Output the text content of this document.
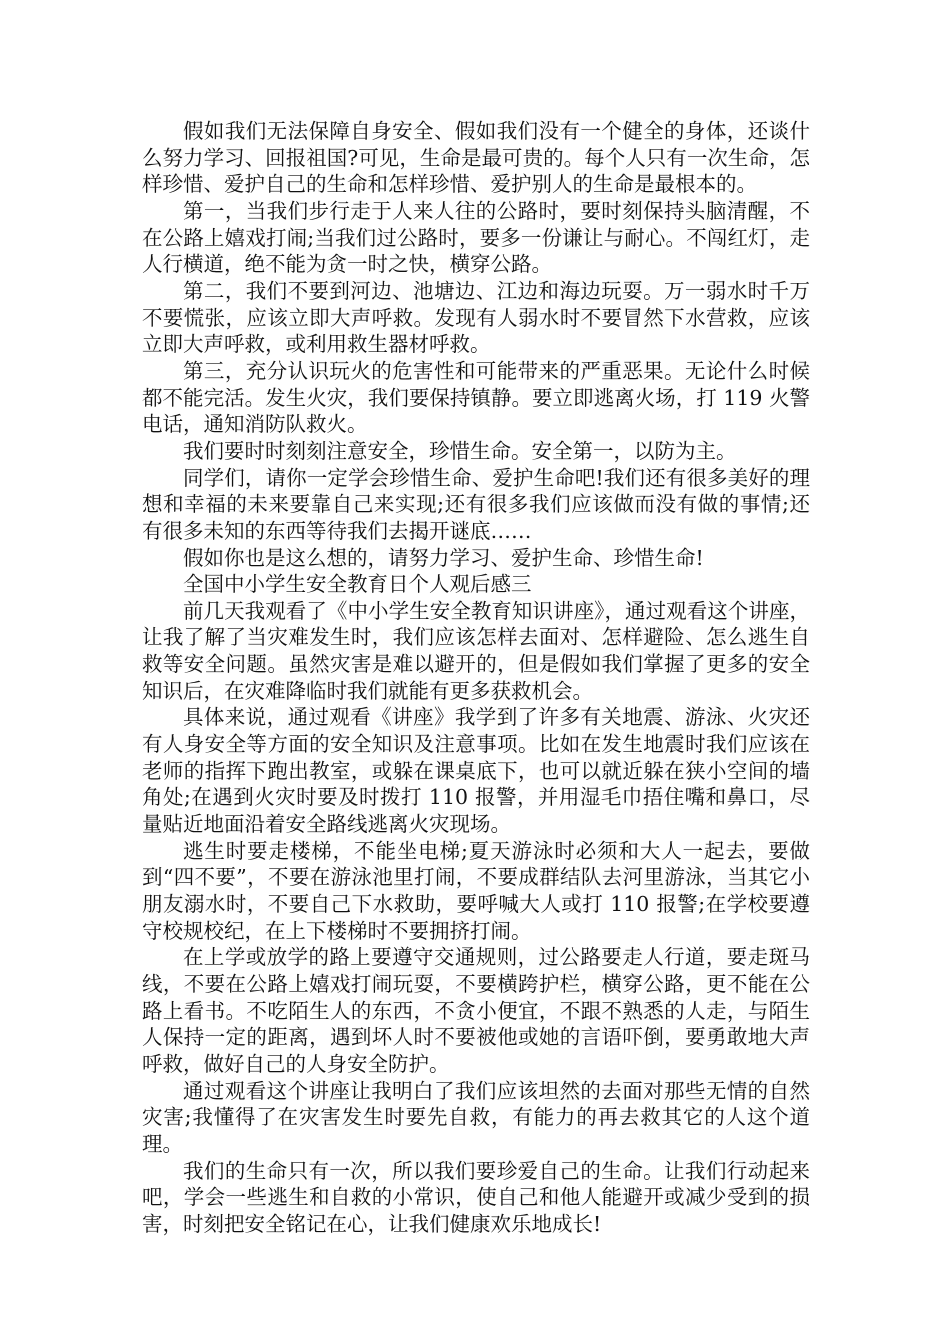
假如我们无法保障自身安全、假如我们没有一个健全的身体，还谈什么努力学习、回报祖国?可见，生命是最可贵的。每个人只有一次生命，怎样珍惜、爱护自己的生命和怎样珍惜、爱护别人的生命是最根本的。

第一，当我们步行走于人来人往的公路时，要时刻保持头脑清醒，不在公路上嬉戏打闹;当我们过公路时，要多一份谦让与耐心。不闯红灯，走人行横道，绝不能为贪一时之快，横穿公路。

第二，我们不要到河边、池塘边、江边和海边玩耍。万一弱水时千万不要慌张，应该立即大声呼救。发现有人弱水时不要冒然下水营救，应该立即大声呼救，或利用救生器材呼救。

第三，充分认识玩火的危害性和可能带来的严重恶果。无论什么时候都不能完活。发生火灾，我们要保持镇静。要立即逃离火场，打 119 火警电话，通知消防队救火。

我们要时时刻刻注意安全，珍惜生命。安全第一，以防为主。

同学们，请你一定学会珍惜生命、爱护生命吧!我们还有很多美好的理想和幸福的未来要靠自己来实现;还有很多我们应该做而没有做的事情;还有很多未知的东西等待我们去揭开谜底……

假如你也是这么想的，请努力学习、爱护生命、珍惜生命!

全国中小学生安全教育日个人观后感三

前几天我观看了《中小学生安全教育知识讲座》，通过观看这个讲座，让我了解了当灾难发生时，我们应该怎样去面对、怎样避险、怎么逃生自救等安全问题。虽然灾害是难以避开的，但是假如我们掌握了更多的安全知识后，在灾难降临时我们就能有更多获救机会。

具体来说，通过观看《讲座》我学到了许多有关地震、游泳、火灾还有人身安全等方面的安全知识及注意事项。比如在发生地震时我们应该在老师的指挥下跑出教室，或躲在课桌底下，也可以就近躲在狭小空间的墙角处;在遇到火灾时要及时拨打 110 报警，并用湿毛巾捂住嘴和鼻口，尽量贴近地面沿着安全路线逃离火灾现场。

逃生时要走楼梯，不能坐电梯;夏天游泳时必须和大人一起去，要做到“四不要”，不要在游泳池里打闹，不要成群结队去河里游泳，当其它小朋友溺水时，不要自己下水救助，要呼喊大人或打 110 报警;在学校要遵守校规校纪，在上下楼梯时不要拥挤打闹。

在上学或放学的路上要遵守交通规则，过公路要走人行道，要走斑马线，不要在公路上嬉戏打闹玩耍，不要横跨护栏，横穿公路，更不能在公路上看书。不吃陌生人的东西，不贪小便宜，不跟不熟悉的人走，与陌生人保持一定的距离，遇到坏人时不要被他或她的言语吓倒，要勇敢地大声呼救，做好自己的人身安全防护。

通过观看这个讲座让我明白了我们应该坦然的去面对那些无情的自然灾害;我懂得了在灾害发生时要先自救，有能力的再去救其它的人这个道理。

我们的生命只有一次，所以我们要珍爱自己的生命。让我们行动起来吧，学会一些逃生和自救的小常识，使自己和他人能避开或减少受到的损害，时刻把安全铭记在心，让我们健康欢乐地成长!
